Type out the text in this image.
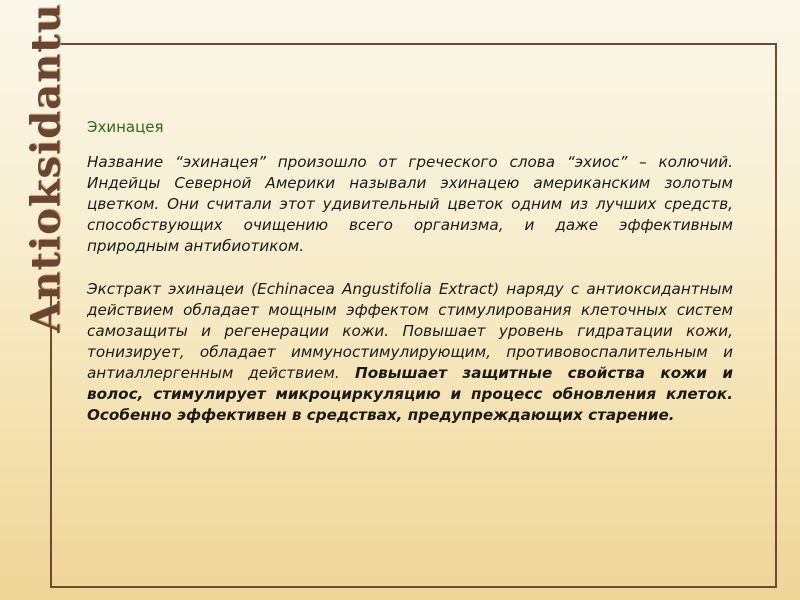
Antioksidantu Эхинацея

Название “эхинацея” произошло от греческого слова “эхиос” – колючий. Индейцы Северной Америки называли эхинацею американским золотым цветком. Они считали этот удивительный цветок одним из лучших средств, способствующих очищению всего организма, и даже эффективным природным антибиотиком.

Экстракт эхинацеи (Echinacea Angustifolia Extract) наряду с антиоксидантным действием обладает мощным эффектом стимулирования клеточных систем самозащиты и регенерации кожи. Повышает уровень гидратации кожи, тонизирует, обладает иммуностимулирующим, противовоспалительным и антиаллергенным действием. Повышает защитные свойства кожи и волос, стимулирует микроциркуляцию и процесс обновления клеток. Особенно эффективен в средствах, предупреждающих старение.
